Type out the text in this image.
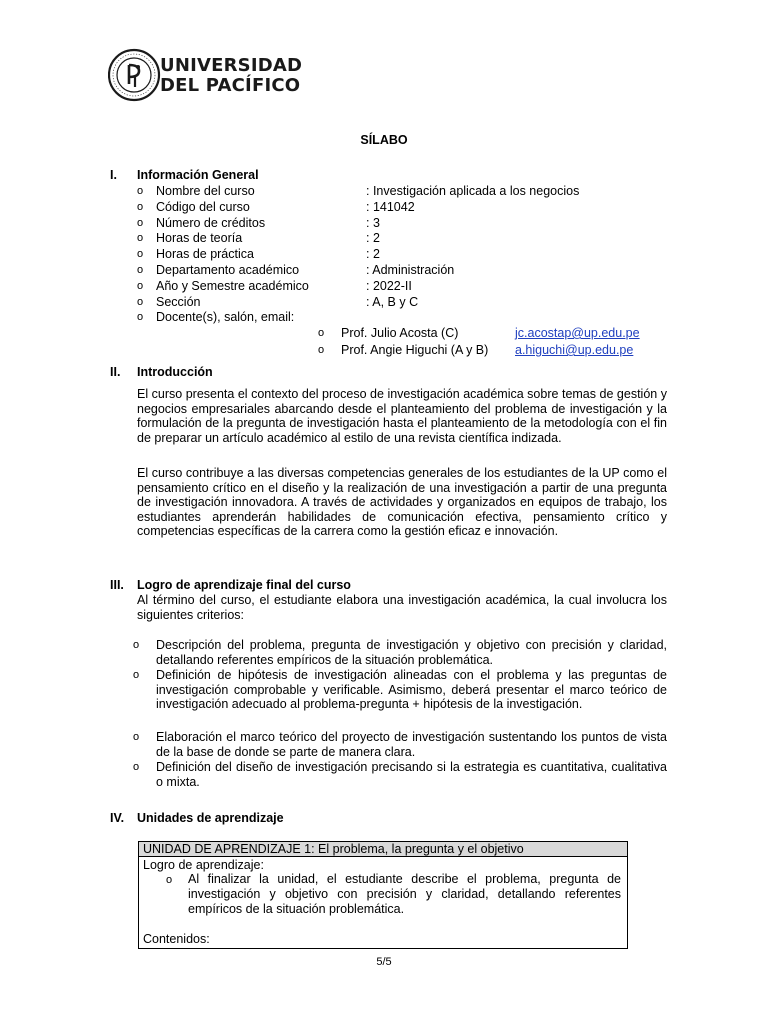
UNIVERSIDAD
DEL PACÍFICO
SÍLABO
I. Información General
o Nombre del curso	: Investigación aplicada a los negocios
o Código del curso	: 141042
o Número de créditos	: 3
o Horas de teoría	: 2
o Horas de práctica	: 2
o Departamento académico	: Administración
o Año y Semestre académico	: 2022-II
o Sección	: A, B y C
o Docente(s), salón, email:
o Prof. Julio Acosta (C)	jc.acostap@up.edu.pe
o Prof. Angie Higuchi (A y B) a.higuchi@up.edu.pe
II. Introducción
El curso presenta el contexto del proceso de investigación académica sobre temas de gestión y negocios empresariales abarcando desde el planteamiento del problema de investigación y la formulación de la pregunta de investigación hasta el planteamiento de la metodología con el fin de preparar un artículo académico al estilo de una revista científica indizada.
El curso contribuye a las diversas competencias generales de los estudiantes de la UP como el pensamiento crítico en el diseño y la realización de una investigación a partir de una pregunta de investigación innovadora. A través de actividades y organizados en equipos de trabajo, los estudiantes aprenderán habilidades de comunicación efectiva, pensamiento crítico y competencias específicas de la carrera como la gestión eficaz e innovación.
III. Logro de aprendizaje final del curso
Al término del curso, el estudiante elabora una investigación académica, la cual involucra los siguientes criterios:
o Descripción del problema, pregunta de investigación y objetivo con precisión y claridad, detallando referentes empíricos de la situación problemática.
o Definición de hipótesis de investigación alineadas con el problema y las preguntas de investigación comprobable y verificable. Asimismo, deberá presentar el marco teórico de investigación adecuado al problema-pregunta + hipótesis de la investigación.
o Elaboración el marco teórico del proyecto de investigación sustentando los puntos de vista de la base de donde se parte de manera clara.
o Definición del diseño de investigación precisando si la estrategia es cuantitativa, cualitativa o mixta.
IV. Unidades de aprendizaje
UNIDAD DE APRENDIZAJE 1: El problema, la pregunta y el objetivo
Logro de aprendizaje:
o Al finalizar la unidad, el estudiante describe el problema, pregunta de investigación y objetivo con precisión y claridad, detallando referentes empíricos de la situación problemática.
Contenidos:
5/5
